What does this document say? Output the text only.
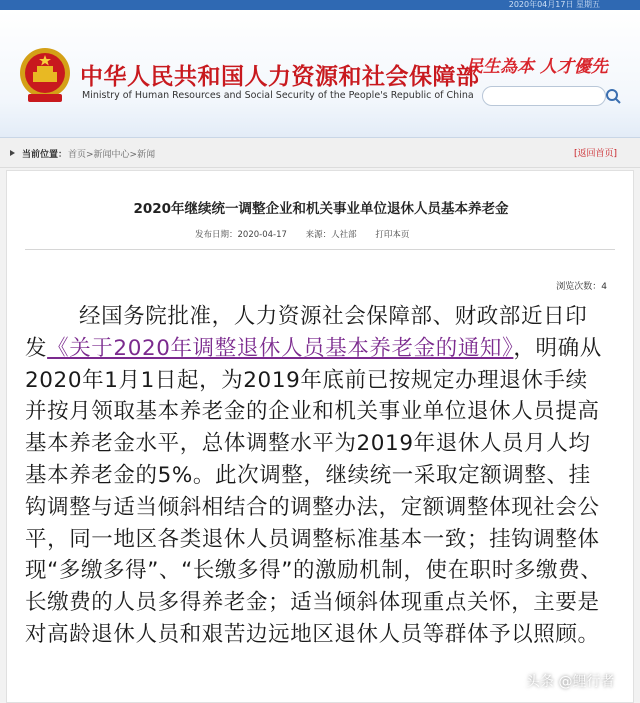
2020年04月17日 星期五
中华人民共和国人力资源和社会保障部
Ministry of Human Resources and Social Security of the People's Republic of China
民生為本 人才優先
当前位置： 首页>新闻中心>新闻	[返回首页]
2020年继续统一调整企业和机关事业单位退休人员基本养老金
发布日期：2020-04-17 来源：人社部 打印本页
浏览次数：4
经国务院批准，人力资源社会保障部、财政部近日印发《关于2020年调整退休人员基本养老金的通知》，明确从2020年1月1日起，为2019年底前已按规定办理退休手续并按月领取基本养老金的企业和机关事业单位退休人员提高基本养老金水平，总体调整水平为2019年退休人员月人均基本养老金的5%。此次调整，继续统一采取定额调整、挂钩调整与适当倾斜相结合的调整办法，定额调整体现社会公平，同一地区各类退休人员调整标准基本一致；挂钩调整体现“多缴多得”、“长缴多得”的激励机制，使在职时多缴费、长缴费的人员多得养老金；适当倾斜体现重点关怀，主要是对高龄退休人员和艰苦边远地区退休人员等群体予以照顾。
头条 @鲤行者
